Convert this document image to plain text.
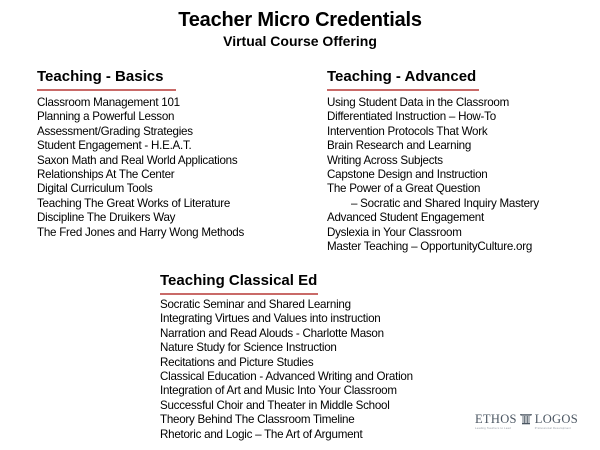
Teacher Micro Credentials
Virtual Course Offering
Teaching - Basics
Classroom Management 101
Planning a Powerful Lesson
Assessment/Grading Strategies
Student Engagement - H.E.A.T.
Saxon Math and Real World Applications
Relationships At The Center
Digital Curriculum Tools
Teaching The Great Works of Literature
Discipline The Druikers Way
The Fred Jones and Harry Wong Methods
Teaching - Advanced
Using Student Data in the Classroom
Differentiated Instruction – How-To
Intervention Protocols That Work
Brain Research and Learning
Writing Across Subjects
Capstone Design and Instruction
The Power of a Great Question
– Socratic and Shared Inquiry Mastery
Advanced Student Engagement
Dyslexia in Your Classroom
Master Teaching – OpportunityCulture.org
Teaching Classical Ed
Socratic Seminar and Shared Learning
Integrating Virtues and Values into instruction
Narration and Read Alouds - Charlotte Mason
Nature Study for Science Instruction
Recitations and Picture Studies
Classical Education - Advanced Writing and Oration
Integration of Art and Music Into Your Classroom
Successful Choir and Theater in Middle School
Theory Behind The Classroom Timeline
Rhetoric and Logic – The Art of Argument
ETHOS
Leading Teachers to Lead
LOGOS
Professional Development
